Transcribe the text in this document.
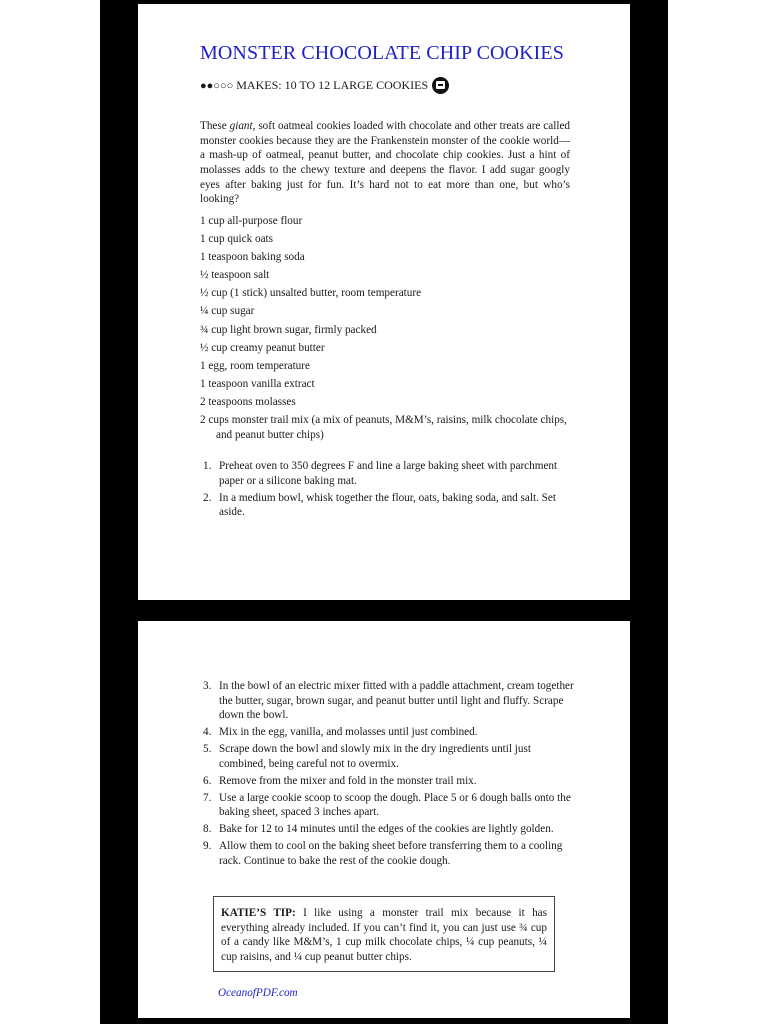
MONSTER CHOCOLATE CHIP COOKIES
●●○○○ MAKES: 10 TO 12 LARGE COOKIES

These giant, soft oatmeal cookies loaded with chocolate and other treats are called monster cookies because they are the Frankenstein monster of the cookie world—a mash-up of oatmeal, peanut butter, and chocolate chip cookies. Just a hint of molasses adds to the chewy texture and deepens the flavor. I add sugar googly eyes after baking just for fun. It’s hard not to eat more than one, but who’s looking?

1 cup all-purpose flour
1 cup quick oats
1 teaspoon baking soda
½ teaspoon salt
½ cup (1 stick) unsalted butter, room temperature
¼ cup sugar
¾ cup light brown sugar, firmly packed
½ cup creamy peanut butter
1 egg, room temperature
1 teaspoon vanilla extract
2 teaspoons molasses
2 cups monster trail mix (a mix of peanuts, M&M’s, raisins, milk chocolate chips, and peanut butter chips)
1. Preheat oven to 350 degrees F and line a large baking sheet with parchment paper or a silicone baking mat.
2. In a medium bowl, whisk together the flour, oats, baking soda, and salt. Set aside.
3. In the bowl of an electric mixer fitted with a paddle attachment, cream together the butter, sugar, brown sugar, and peanut butter until light and fluffy. Scrape down the bowl.
4. Mix in the egg, vanilla, and molasses until just combined.
5. Scrape down the bowl and slowly mix in the dry ingredients until just combined, being careful not to overmix.
6. Remove from the mixer and fold in the monster trail mix.
7. Use a large cookie scoop to scoop the dough. Place 5 or 6 dough balls onto the baking sheet, spaced 3 inches apart.
8. Bake for 12 to 14 minutes until the edges of the cookies are lightly golden.
9. Allow them to cool on the baking sheet before transferring them to a cooling rack. Continue to bake the rest of the cookie dough.
KATIE’S TIP: I like using a monster trail mix because it has everything already included. If you can’t find it, you can just use ¾ cup of a candy like M&M’s, 1 cup milk chocolate chips, ¼ cup peanuts, ¼ cup raisins, and ¼ cup peanut butter chips.
OceanofPDF.com
